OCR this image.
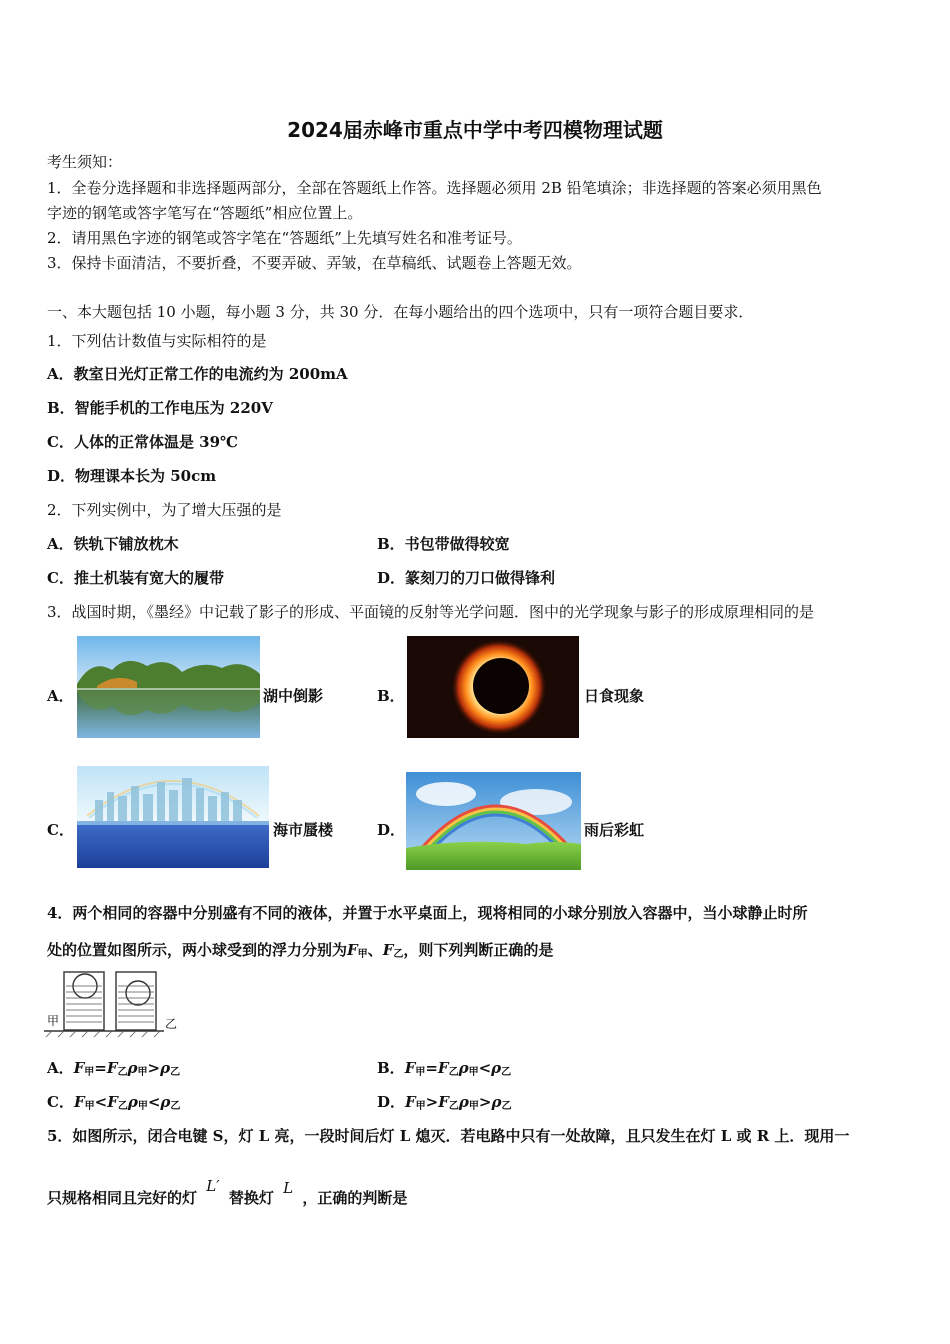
2024届赤峰市重点中学中考四模物理试题
考生须知：
1．全卷分选择题和非选择题两部分，全部在答题纸上作答。选择题必须用 2B 铅笔填涂；非选择题的答案必须用黑色
字迹的钢笔或答字笔写在“答题纸”相应位置上。
2．请用黑色字迹的钢笔或答字笔在“答题纸”上先填写姓名和准考证号。
3．保持卡面清洁，不要折叠，不要弄破、弄皱，在草稿纸、试题卷上答题无效。
一、本大题包括 10 小题，每小题 3 分，共 30 分．在每小题给出的四个选项中，只有一项符合题目要求．
1．下列估计数值与实际相符的是
A．教室日光灯正常工作的电流约为 200mA
B．智能手机的工作电压为 220V
C．人体的正常体温是 39℃
D．物理课本长为 50cm
2．下列实例中，为了增大压强的是
A．铁轨下铺放枕木	B．书包带做得较宽
C．推土机装有宽大的履带	D．篆刻刀的刀口做得锋利
3．战国时期，《墨经》中记载了影子的形成、平面镜的反射等光学问题．图中的光学现象与影子的形成原理相同的是
A．	湖中倒影	B．	日食现象
C．	海市蜃楼	D．	雨后彩虹
4．两个相同的容器中分别盛有不同的液体，并置于水平桌面上，现将相同的小球分别放入容器中，当小球静止时所
处的位置如图所示，两小球受到的浮力分别为$F_甲$、$F_乙$，则下列判断正确的是
甲	乙
A．$F_甲=F_乙\rho_甲>\rho_乙$	B．$F_甲=F_乙\rho_甲<\rho_乙$
C．$F_甲<F_乙\rho_甲<\rho_乙$	D．$F_甲>F_乙\rho_甲>\rho_乙$
5．如图所示，闭合电键 S，灯 L 亮，一段时间后灯 L 熄灭．若电路中只有一处故障，且只发生在灯 L 或 R 上．现用一
只规格相同且完好的灯 L′ 替换灯 L ，正确的判断是
